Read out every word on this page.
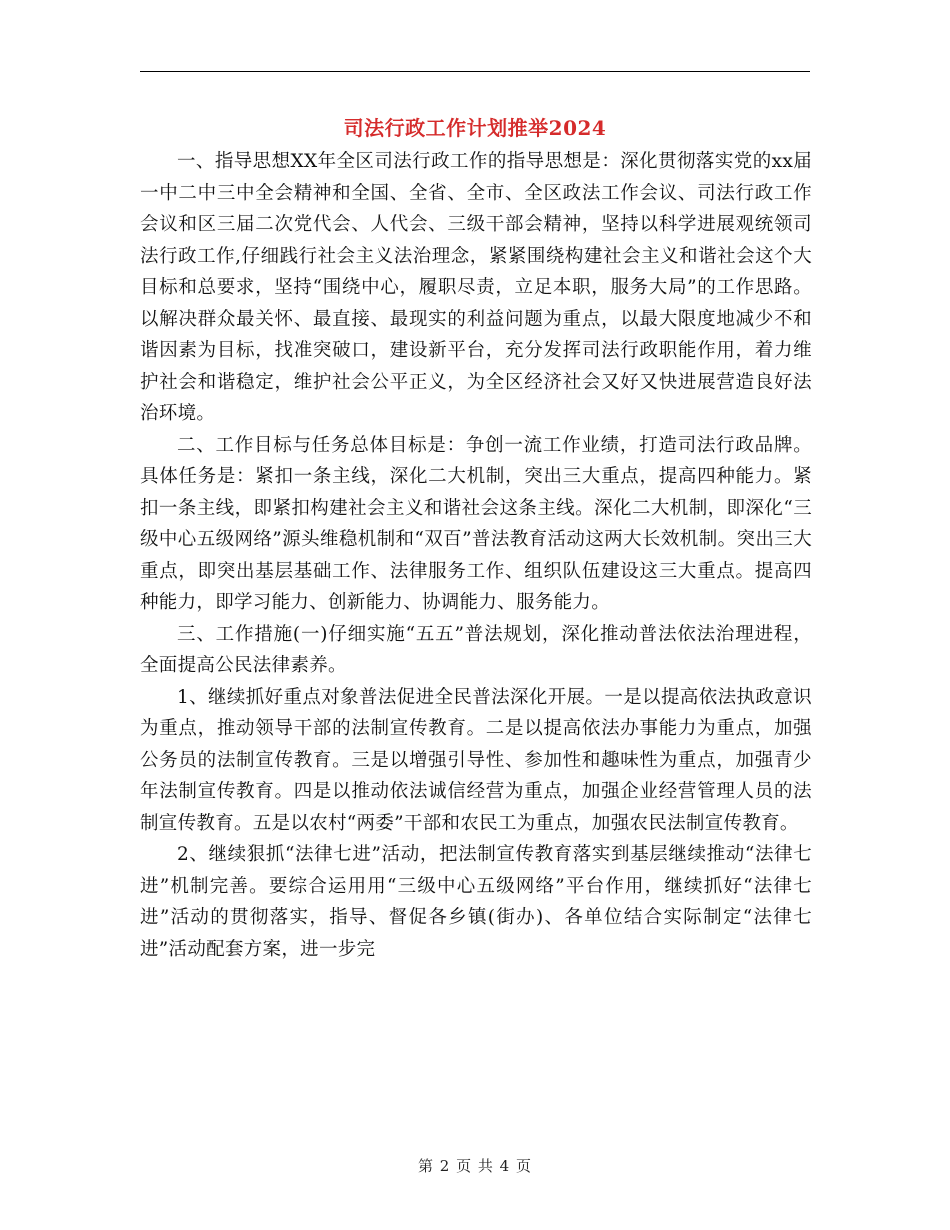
司法行政工作计划推举2024

一、指导思想XX年全区司法行政工作的指导思想是：深化贯彻落实党的xx届一中二中三中全会精神和全国、全省、全市、全区政法工作会议、司法行政工作会议和区三届二次党代会、人代会、三级干部会精神，坚持以科学进展观统领司法行政工作,仔细践行社会主义法治理念，紧紧围绕构建社会主义和谐社会这个大目标和总要求，坚持“围绕中心，履职尽责，立足本职，服务大局”的工作思路。以解决群众最关怀、最直接、最现实的利益问题为重点，以最大限度地减少不和谐因素为目标，找准突破口，建设新平台，充分发挥司法行政职能作用，着力维护社会和谐稳定，维护社会公平正义，为全区经济社会又好又快进展营造良好法治环境。

二、工作目标与任务总体目标是：争创一流工作业绩，打造司法行政品牌。具体任务是：紧扣一条主线，深化二大机制，突出三大重点，提高四种能力。紧扣一条主线，即紧扣构建社会主义和谐社会这条主线。深化二大机制，即深化“三级中心五级网络”源头维稳机制和“双百”普法教育活动这两大长效机制。突出三大重点，即突出基层基础工作、法律服务工作、组织队伍建设这三大重点。提高四种能力，即学习能力、创新能力、协调能力、服务能力。

三、工作措施(一)仔细实施“五五”普法规划，深化推动普法依法治理进程，全面提高公民法律素养。

1、继续抓好重点对象普法促进全民普法深化开展。一是以提高依法执政意识为重点，推动领导干部的法制宣传教育。二是以提高依法办事能力为重点，加强公务员的法制宣传教育。三是以增强引导性、参加性和趣味性为重点，加强青少年法制宣传教育。四是以推动依法诚信经营为重点，加强企业经营管理人员的法制宣传教育。五是以农村“两委”干部和农民工为重点，加强农民法制宣传教育。

2、继续狠抓“法律七进”活动，把法制宣传教育落实到基层继续推动“法律七进”机制完善。要综合运用用“三级中心五级网络”平台作用，继续抓好“法律七进”活动的贯彻落实，指导、督促各乡镇(街办)、各单位结合实际制定“法律七进”活动配套方案，进一步完

第 2 页 共 4 页
